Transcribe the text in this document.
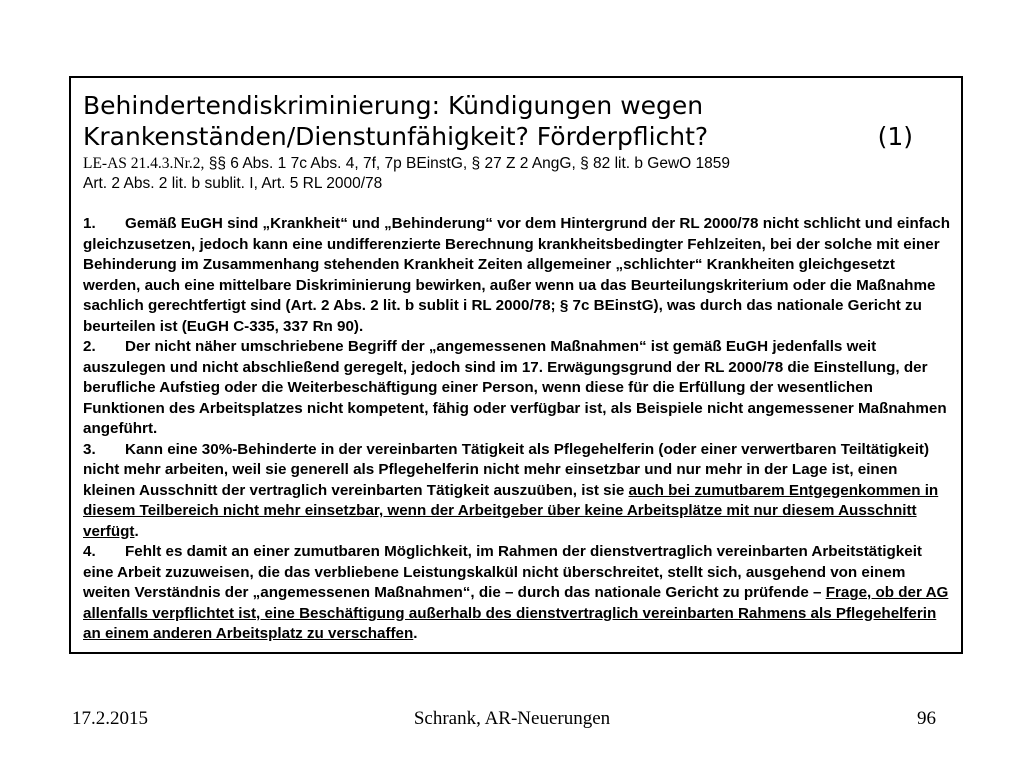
Behindertendiskriminierung: Kündigungen wegen
Krankenständen/Dienstunfähigkeit? Förderpflicht?	(1)
LE-AS 21.4.3.Nr.2, §§ 6 Abs. 1 7c Abs. 4, 7f, 7p BEinstG, § 27 Z 2 AngG, § 82 lit. b GewO 1859
Art. 2 Abs. 2 lit. b sublit. I, Art. 5 RL 2000/78

1. Gemäß EuGH sind „Krankheit“ und „Behinderung“ vor dem Hintergrund der RL 2000/78 nicht schlicht und einfach gleichzusetzen, jedoch kann eine undifferenzierte Berechnung krankheitsbedingter Fehlzeiten, bei der solche mit einer Behinderung im Zusammenhang stehenden Krankheit Zeiten allgemeiner „schlichter“ Krankheiten gleichgesetzt werden, auch eine mittelbare Diskriminierung bewirken, außer wenn ua das Beurteilungskriterium oder die Maßnahme sachlich gerechtfertigt sind (Art. 2 Abs. 2 lit. b sublit i RL 2000/78; § 7c BEinstG), was durch das nationale Gericht zu beurteilen ist (EuGH C-335, 337 Rn 90).

2. Der nicht näher umschriebene Begriff der „angemessenen Maßnahmen“ ist gemäß EuGH jedenfalls weit auszulegen und nicht abschließend geregelt, jedoch sind im 17. Erwägungsgrund der RL 2000/78 die Einstellung, der berufliche Aufstieg oder die Weiterbeschäftigung einer Person, wenn diese für die Erfüllung der wesentlichen Funktionen des Arbeitsplatzes nicht kompetent, fähig oder verfügbar ist, als Beispiele nicht angemessener Maßnahmen angeführt.

3. Kann eine 30%-Behinderte in der vereinbarten Tätigkeit als Pflegehelferin (oder einer verwertbaren Teiltätigkeit) nicht mehr arbeiten, weil sie generell als Pflegehelferin nicht mehr einsetzbar und nur mehr in der Lage ist, einen kleinen Ausschnitt der vertraglich vereinbarten Tätigkeit auszuüben, ist sie auch bei zumutbarem Entgegenkommen in diesem Teilbereich nicht mehr einsetzbar, wenn der Arbeitgeber über keine Arbeitsplätze mit nur diesem Ausschnitt verfügt.

4. Fehlt es damit an einer zumutbaren Möglichkeit, im Rahmen der dienstvertraglich vereinbarten Arbeitstätigkeit eine Arbeit zuzuweisen, die das verbliebene Leistungskalkül nicht überschreitet, stellt sich, ausgehend von einem weiten Verständnis der „angemessenen Maßnahmen“, die – durch das nationale Gericht zu prüfende – Frage, ob der AG allenfalls verpflichtet ist, eine Beschäftigung außerhalb des dienstvertraglich vereinbarten Rahmens als Pflegehelferin an einem anderen Arbeitsplatz zu verschaffen.

17.2.2015	Schrank, AR-Neuerungen	96
